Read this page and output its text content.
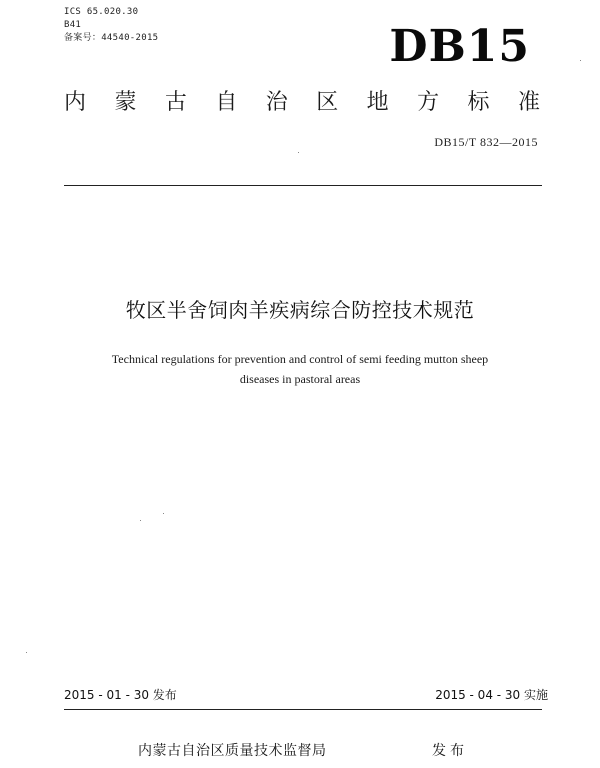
ICS 65.020.30
B41
备案号：44540-2015	DB15
内 蒙 古 自 治 区 地 方 标 准
DB15/T 832—2015
牧区半舍饲肉羊疾病综合防控技术规范
Technical regulations for prevention and control of semi feeding mutton sheep
diseases in pastoral areas
2015 - 01 - 30 发布	2015 - 04 - 30 实施
内蒙古自治区质量技术监督局	发布
